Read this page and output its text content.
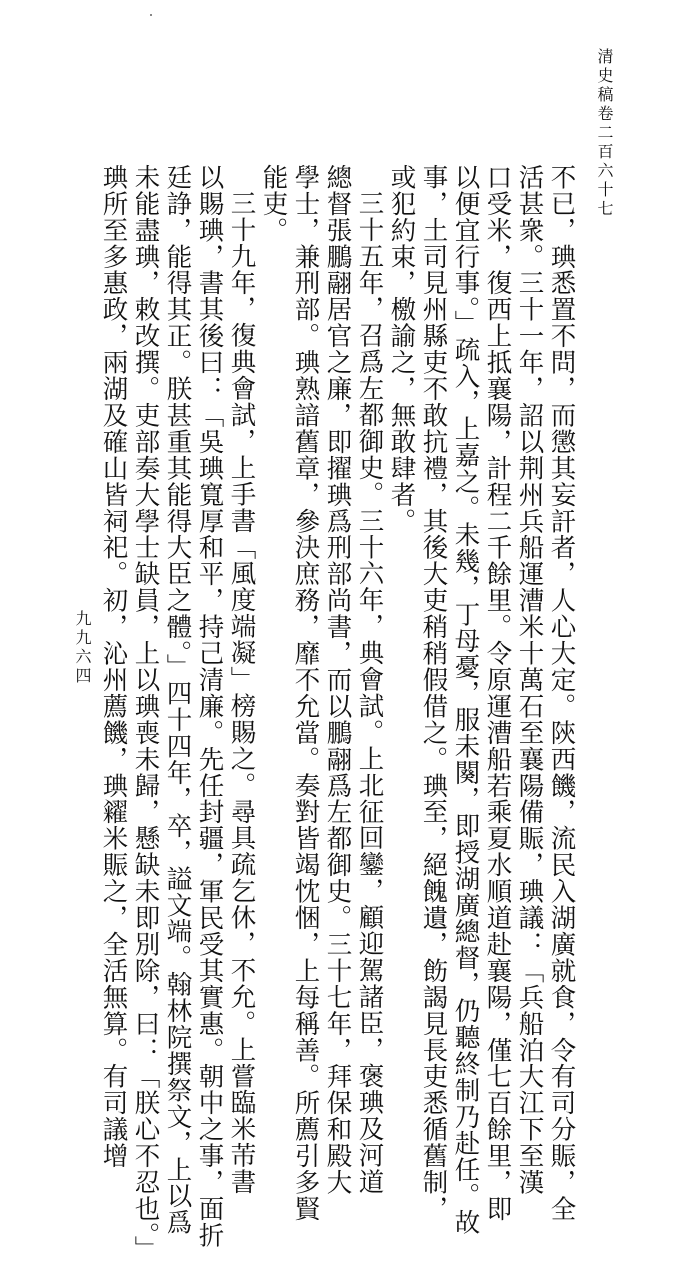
清史稿卷二百六十七
不已，琠悉置不問，而懲其妄訐者，人心大定。陝西饑，流民入湖廣就食，令有司分賑，全
活甚衆。三十一年，詔以荆州兵船運漕米十萬石至襄陽備賑，琠議：「兵船泊大江下至漢
口受米，復西上抵襄陽，計程二千餘里。令原運漕船若乘夏水順道赴襄陽，僅七百餘里，即
以便宜行事。」疏入，上嘉之。未幾，丁母憂，服未闋，即授湖廣總督，仍聽終制乃赴任。故
事，土司見州縣吏不敢抗禮，其後大吏稍稍假借之。琠至，絕餽遺，飭謁見長吏悉循舊制，
或犯約束，檄諭之，無敢肆者。
三十五年，召爲左都御史。三十六年，典會試。上北征回鑾，顧迎駕諸臣，褒琠及河道
總督張鵬翮居官之廉，即擢琠爲刑部尚書，而以鵬翮爲左都御史。三十七年，拜保和殿大
學士，兼刑部。琠熟諳舊章，參決庶務，靡不允當。奏對皆竭忱悃，上每稱善。所薦引多賢
能吏。
三十九年，復典會試，上手書「風度端凝」榜賜之。尋具疏乞休，不允。上嘗臨米芾書
以賜琠，書其後曰：「吳琠寬厚和平，持己清廉。先任封疆，軍民受其實惠。朝中之事，面折
廷諍，能得其正。朕甚重其能得大臣之體。」四十四年，卒，謚文端。翰林院撰祭文，上以爲
未能盡琠，敕改撰。吏部奏大學士缺員，上以琠喪未歸，懸缺未即別除，曰：「朕心不忍也。」
琠所至多惠政，兩湖及確山皆祠祀。初，沁州薦饑，琠糴米賑之，全活無算。有司議增
九九六四
